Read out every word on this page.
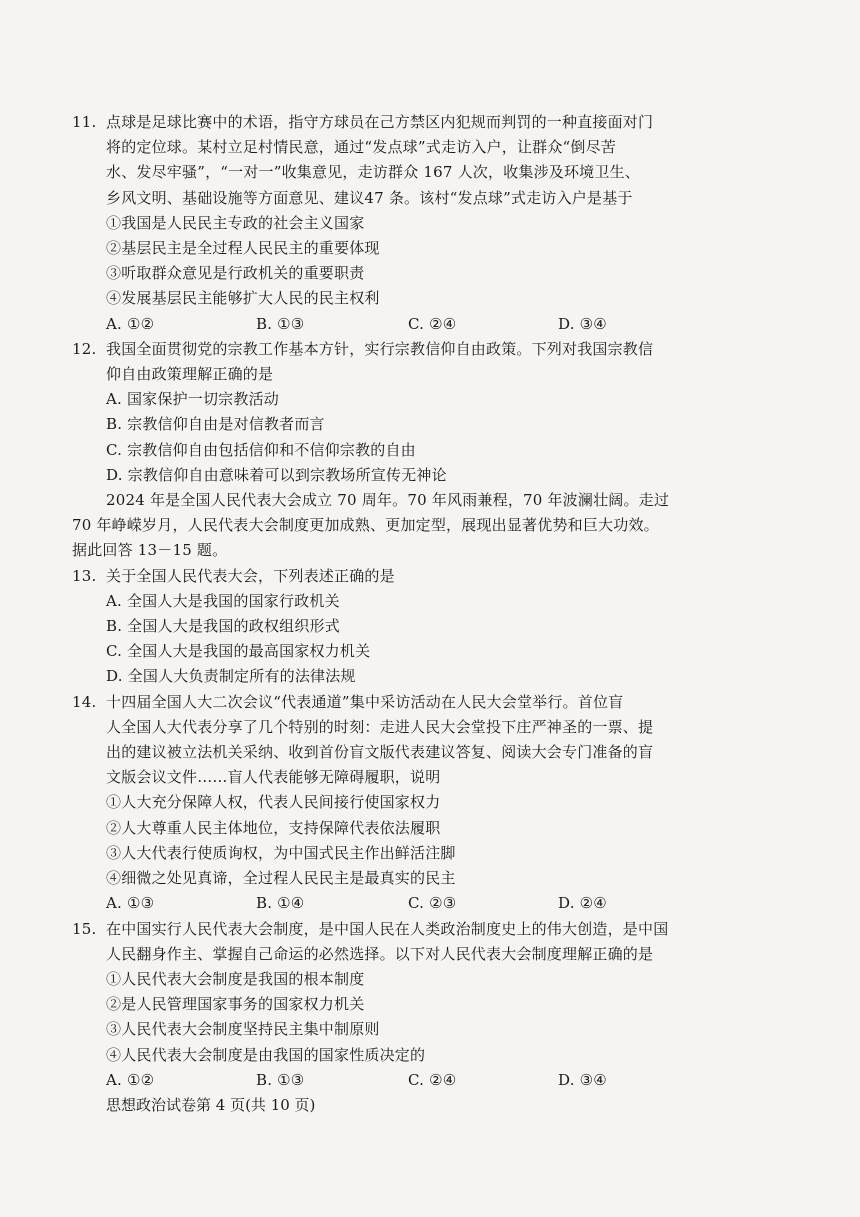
11. 点球是足球比赛中的术语，指守方球员在己方禁区内犯规而判罚的一种直接面对门
将的定位球。某村立足村情民意，通过“发点球”式走访入户，让群众“倒尽苦
水、发尽牢骚”，“一对一”收集意见，走访群众 167 人次，收集涉及环境卫生、
乡风文明、基础设施等方面意见、建议47 条。该村“发点球”式走访入户是基于
①我国是人民民主专政的社会主义国家
②基层民主是全过程人民民主的重要体现
③听取群众意见是行政机关的重要职责
④发展基层民主能够扩大人民的民主权利
A. ①②	B. ①③	C. ②④	D. ③④
12. 我国全面贯彻党的宗教工作基本方针，实行宗教信仰自由政策。下列对我国宗教信
仰自由政策理解正确的是
A. 国家保护一切宗教活动
B. 宗教信仰自由是对信教者而言
C. 宗教信仰自由包括信仰和不信仰宗教的自由
D. 宗教信仰自由意味着可以到宗教场所宣传无神论
2024 年是全国人民代表大会成立 70 周年。70 年风雨兼程，70 年波澜壮阔。走过
70 年峥嵘岁月，人民代表大会制度更加成熟、更加定型，展现出显著优势和巨大功效。
据此回答 13－15 题。
13. 关于全国人民代表大会，下列表述正确的是
A. 全国人大是我国的国家行政机关
B. 全国人大是我国的政权组织形式
C. 全国人大是我国的最高国家权力机关
D. 全国人大负责制定所有的法律法规
14. 十四届全国人大二次会议“代表通道”集中采访活动在人民大会堂举行。首位盲
人全国人大代表分享了几个特别的时刻：走进人民大会堂投下庄严神圣的一票、提
出的建议被立法机关采纳、收到首份盲文版代表建议答复、阅读大会专门准备的盲
文版会议文件……盲人代表能够无障碍履职，说明
①人大充分保障人权，代表人民间接行使国家权力
②人大尊重人民主体地位，支持保障代表依法履职
③人大代表行使质询权，为中国式民主作出鲜活注脚
④细微之处见真谛，全过程人民民主是最真实的民主
A. ①③	B. ①④	C. ②③	D. ②④
15. 在中国实行人民代表大会制度，是中国人民在人类政治制度史上的伟大创造，是中国
人民翻身作主、掌握自己命运的必然选择。以下对人民代表大会制度理解正确的是
①人民代表大会制度是我国的根本制度
②是人民管理国家事务的国家权力机关
③人民代表大会制度坚持民主集中制原则
④人民代表大会制度是由我国的国家性质决定的
A. ①②	B. ①③	C. ②④	D. ③④
思想政治试卷第 4 页(共 10 页)
